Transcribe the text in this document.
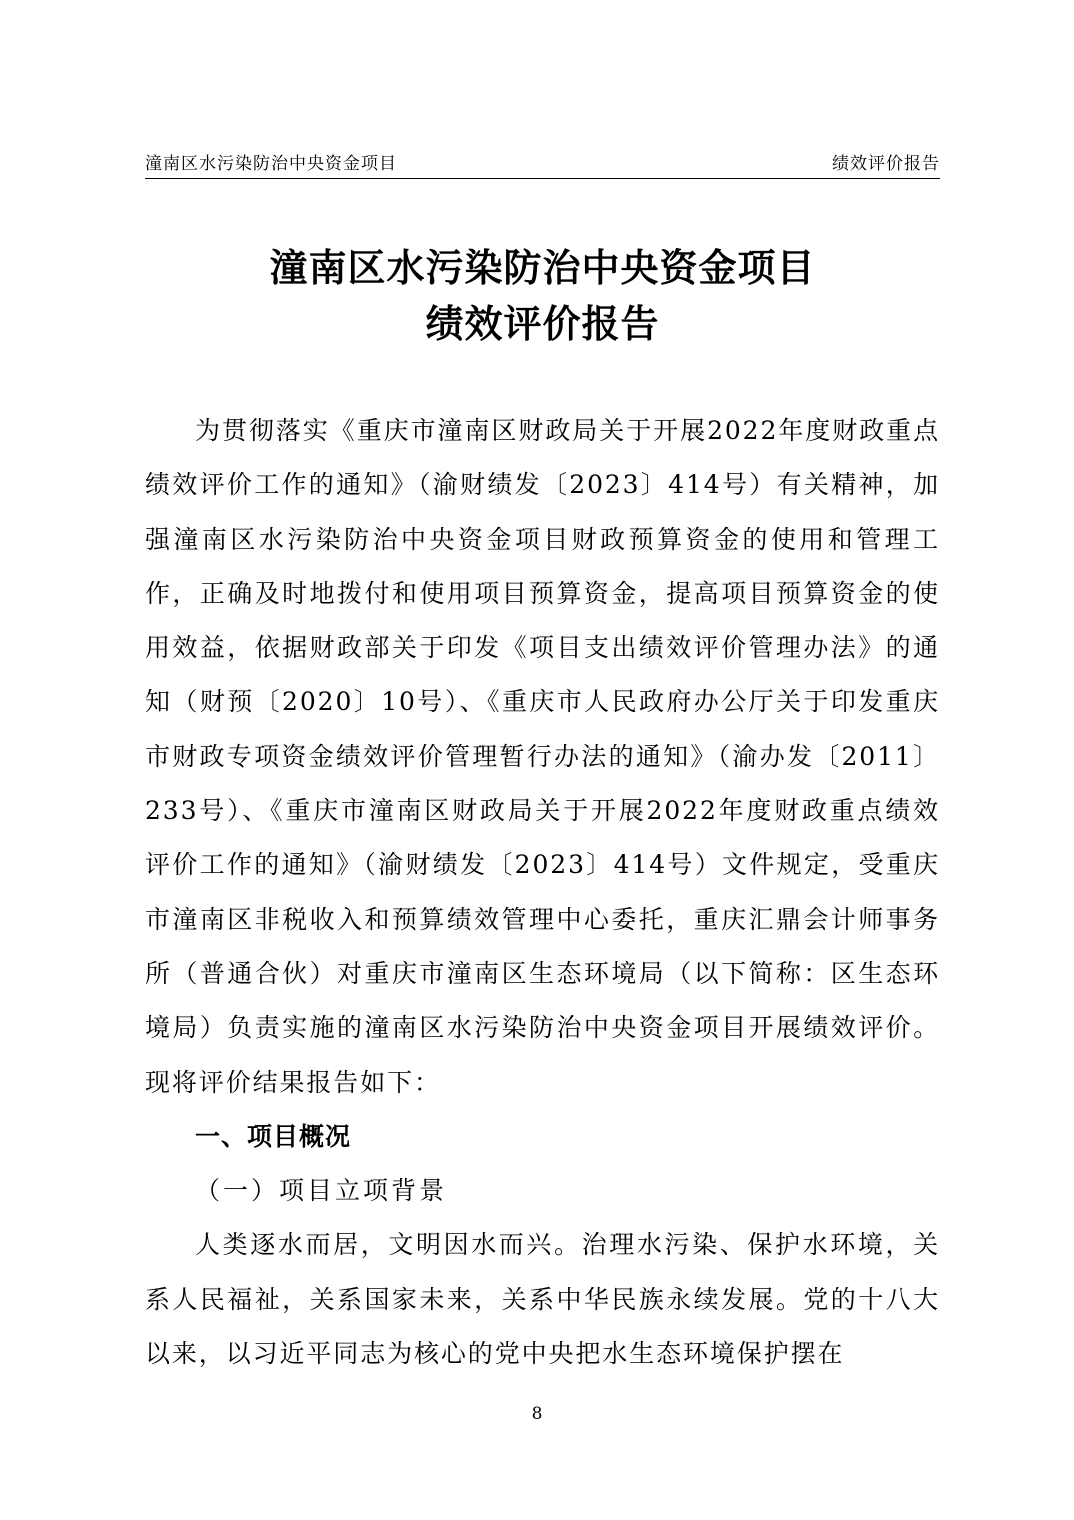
潼南区水污染防治中央资金项目	绩效评价报告
潼南区水污染防治中央资金项目
绩效评价报告

为贯彻落实《重庆市潼南区财政局关于开展2022年度财政重点绩效评价工作的通知》（渝财绩发〔2023〕414号）有关精神，加强潼南区水污染防治中央资金项目财政预算资金的使用和管理工作，正确及时地拨付和使用项目预算资金，提高项目预算资金的使用效益，依据财政部关于印发《项目支出绩效评价管理办法》的通知（财预〔2020〕10号）、《重庆市人民政府办公厅关于印发重庆市财政专项资金绩效评价管理暂行办法的通知》（渝办发〔2011〕233号）、《重庆市潼南区财政局关于开展2022年度财政重点绩效评价工作的通知》（渝财绩发〔2023〕414号）文件规定，受重庆市潼南区非税收入和预算绩效管理中心委托，重庆汇鼎会计师事务所（普通合伙）对重庆市潼南区生态环境局（以下简称：区生态环境局）负责实施的潼南区水污染防治中央资金项目开展绩效评价。现将评价结果报告如下：

一、项目概况

（一）项目立项背景

人类逐水而居，文明因水而兴。治理水污染、保护水环境，关系人民福祉，关系国家未来，关系中华民族永续发展。党的十八大以来，以习近平同志为核心的党中央把水生态环境保护摆在

8
